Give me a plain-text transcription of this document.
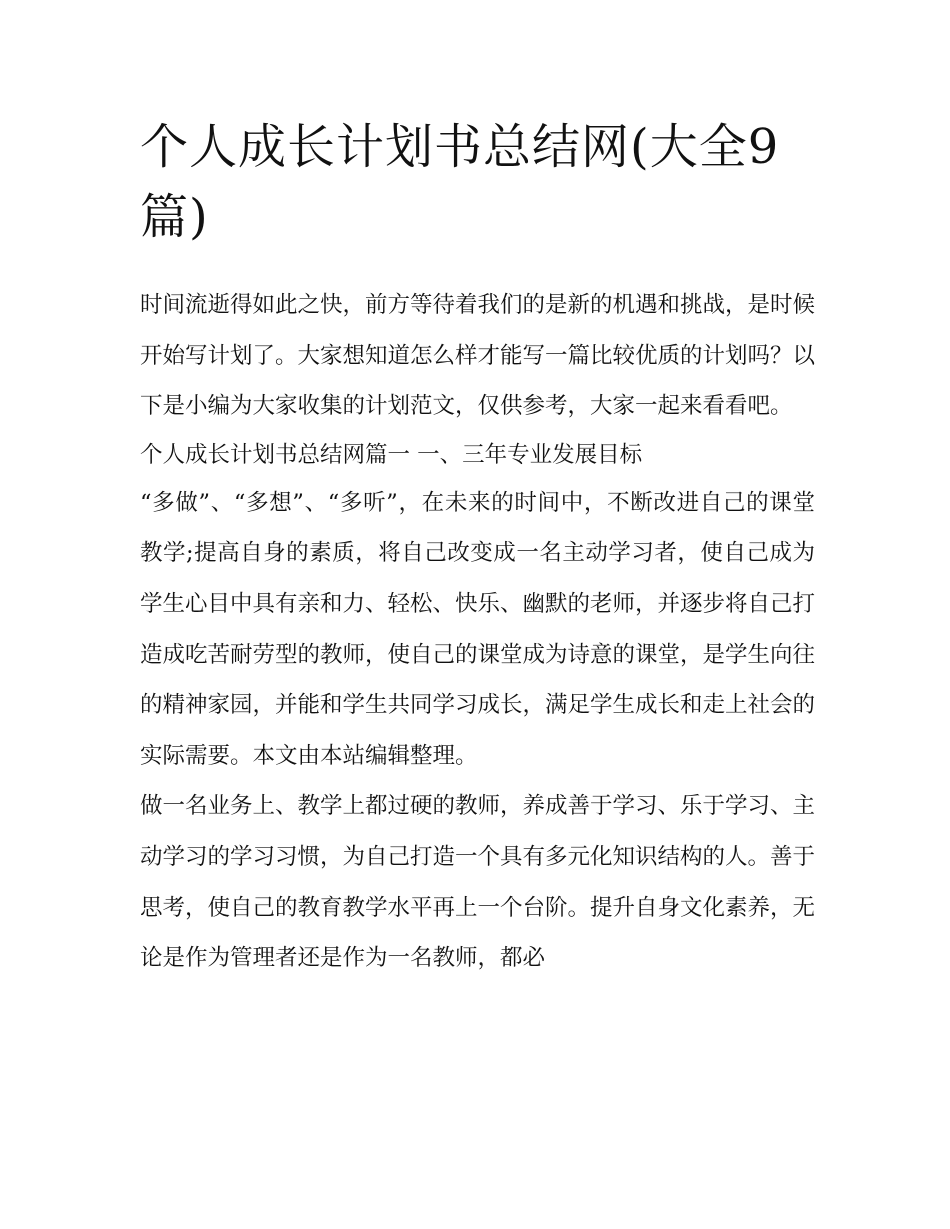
个人成长计划书总结网(大全9篇)

时间流逝得如此之快，前方等待着我们的是新的机遇和挑战，是时候开始写计划了。大家想知道怎么样才能写一篇比较优质的计划吗？以下是小编为大家收集的计划范文，仅供参考，大家一起来看看吧。

个人成长计划书总结网篇一 一、三年专业发展目标

“多做”、“多想”、“多听”，在未来的时间中，不断改进自己的课堂教学;提高自身的素质，将自己改变成一名主动学习者，使自己成为学生心目中具有亲和力、轻松、快乐、幽默的老师，并逐步将自己打造成吃苦耐劳型的教师，使自己的课堂成为诗意的课堂，是学生向往的精神家园，并能和学生共同学习成长，满足学生成长和走上社会的实际需要。本文由本站编辑整理。

做一名业务上、教学上都过硬的教师，养成善于学习、乐于学习、主动学习的学习习惯，为自己打造一个具有多元化知识结构的人。善于思考，使自己的教育教学水平再上一个台阶。提升自身文化素养，无论是作为管理者还是作为一名教师，都必
